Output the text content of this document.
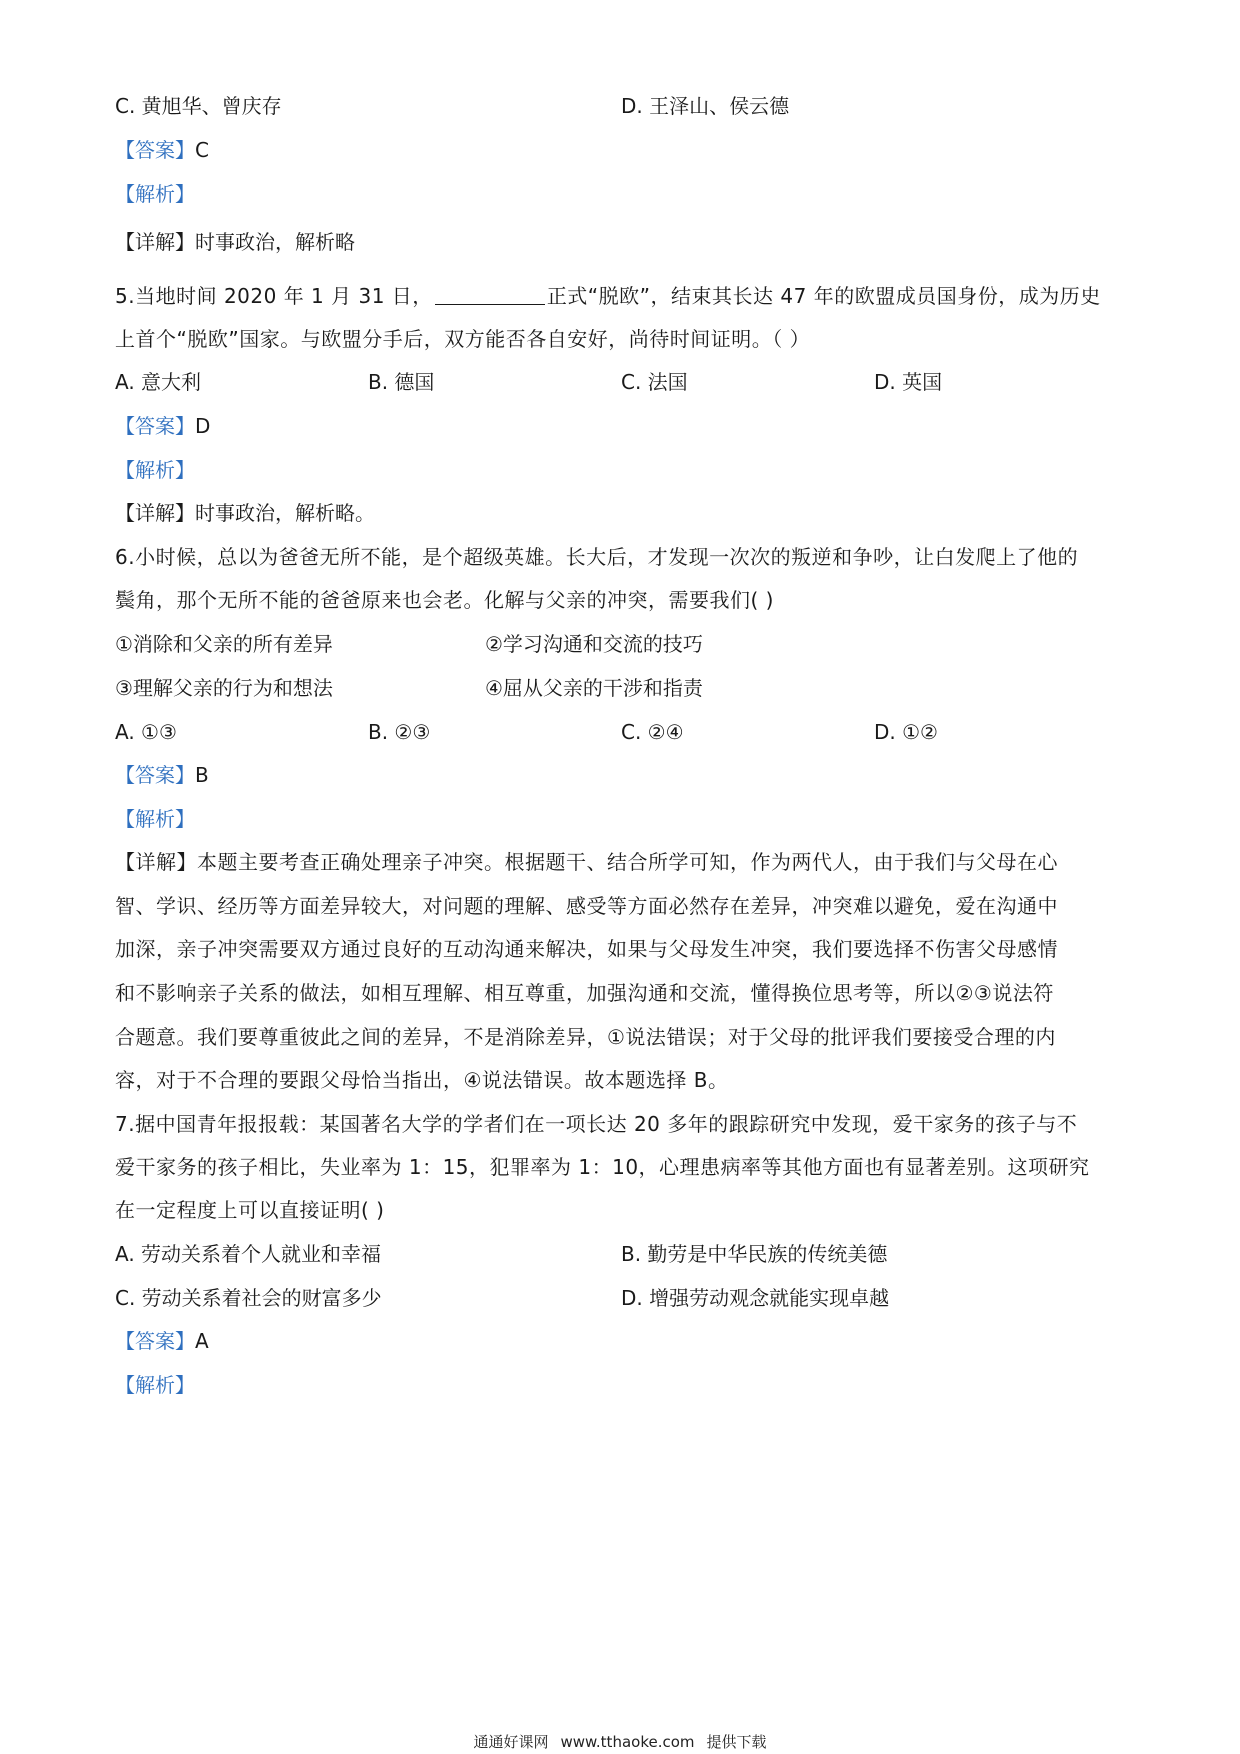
C. 黄旭华、曾庆存	D. 王泽山、侯云德
【答案】C
【解析】
【详解】时事政治，解析略
5.当地时间 2020 年 1 月 31 日，	正式“脱欧”，结束其长达 47 年的欧盟成员国身份，成为历史
上首个“脱欧”国家。与欧盟分手后，双方能否各自安好，尚待时间证明。（ ）
A. 意大利	B. 德国	C. 法国	D. 英国
【答案】D
【解析】
【详解】时事政治，解析略。
6.小时候，总以为爸爸无所不能，是个超级英雄。长大后，才发现一次次的叛逆和争吵，让白发爬上了他的
鬓角，那个无所不能的爸爸原来也会老。化解与父亲的冲突，需要我们( )
①消除和父亲的所有差异	②学习沟通和交流的技巧
③理解父亲的行为和想法	④屈从父亲的干涉和指责
A. ①③	B. ②③	C. ②④	D. ①②
【答案】B
【解析】
【详解】本题主要考查正确处理亲子冲突。根据题干、结合所学可知，作为两代人，由于我们与父母在心
智、学识、经历等方面差异较大，对问题的理解、感受等方面必然存在差异，冲突难以避免，爱在沟通中
加深，亲子冲突需要双方通过良好的互动沟通来解决，如果与父母发生冲突，我们要选择不伤害父母感情
和不影响亲子关系的做法，如相互理解、相互尊重，加强沟通和交流，懂得换位思考等，所以②③说法符
合题意。我们要尊重彼此之间的差异，不是消除差异，①说法错误；对于父母的批评我们要接受合理的内
容，对于不合理的要跟父母恰当指出，④说法错误。故本题选择 B。
7.据中国青年报报载：某国著名大学的学者们在一项长达 20 多年的跟踪研究中发现，爱干家务的孩子与不
爱干家务的孩子相比，失业率为 1：15，犯罪率为 1：10，心理患病率等其他方面也有显著差别。这项研究
在一定程度上可以直接证明( )
A. 劳动关系着个人就业和幸福	B. 勤劳是中华民族的传统美德
C. 劳动关系着社会的财富多少	D. 增强劳动观念就能实现卓越
【答案】A
【解析】
通通好课网 www.tthaoke.com 提供下载
